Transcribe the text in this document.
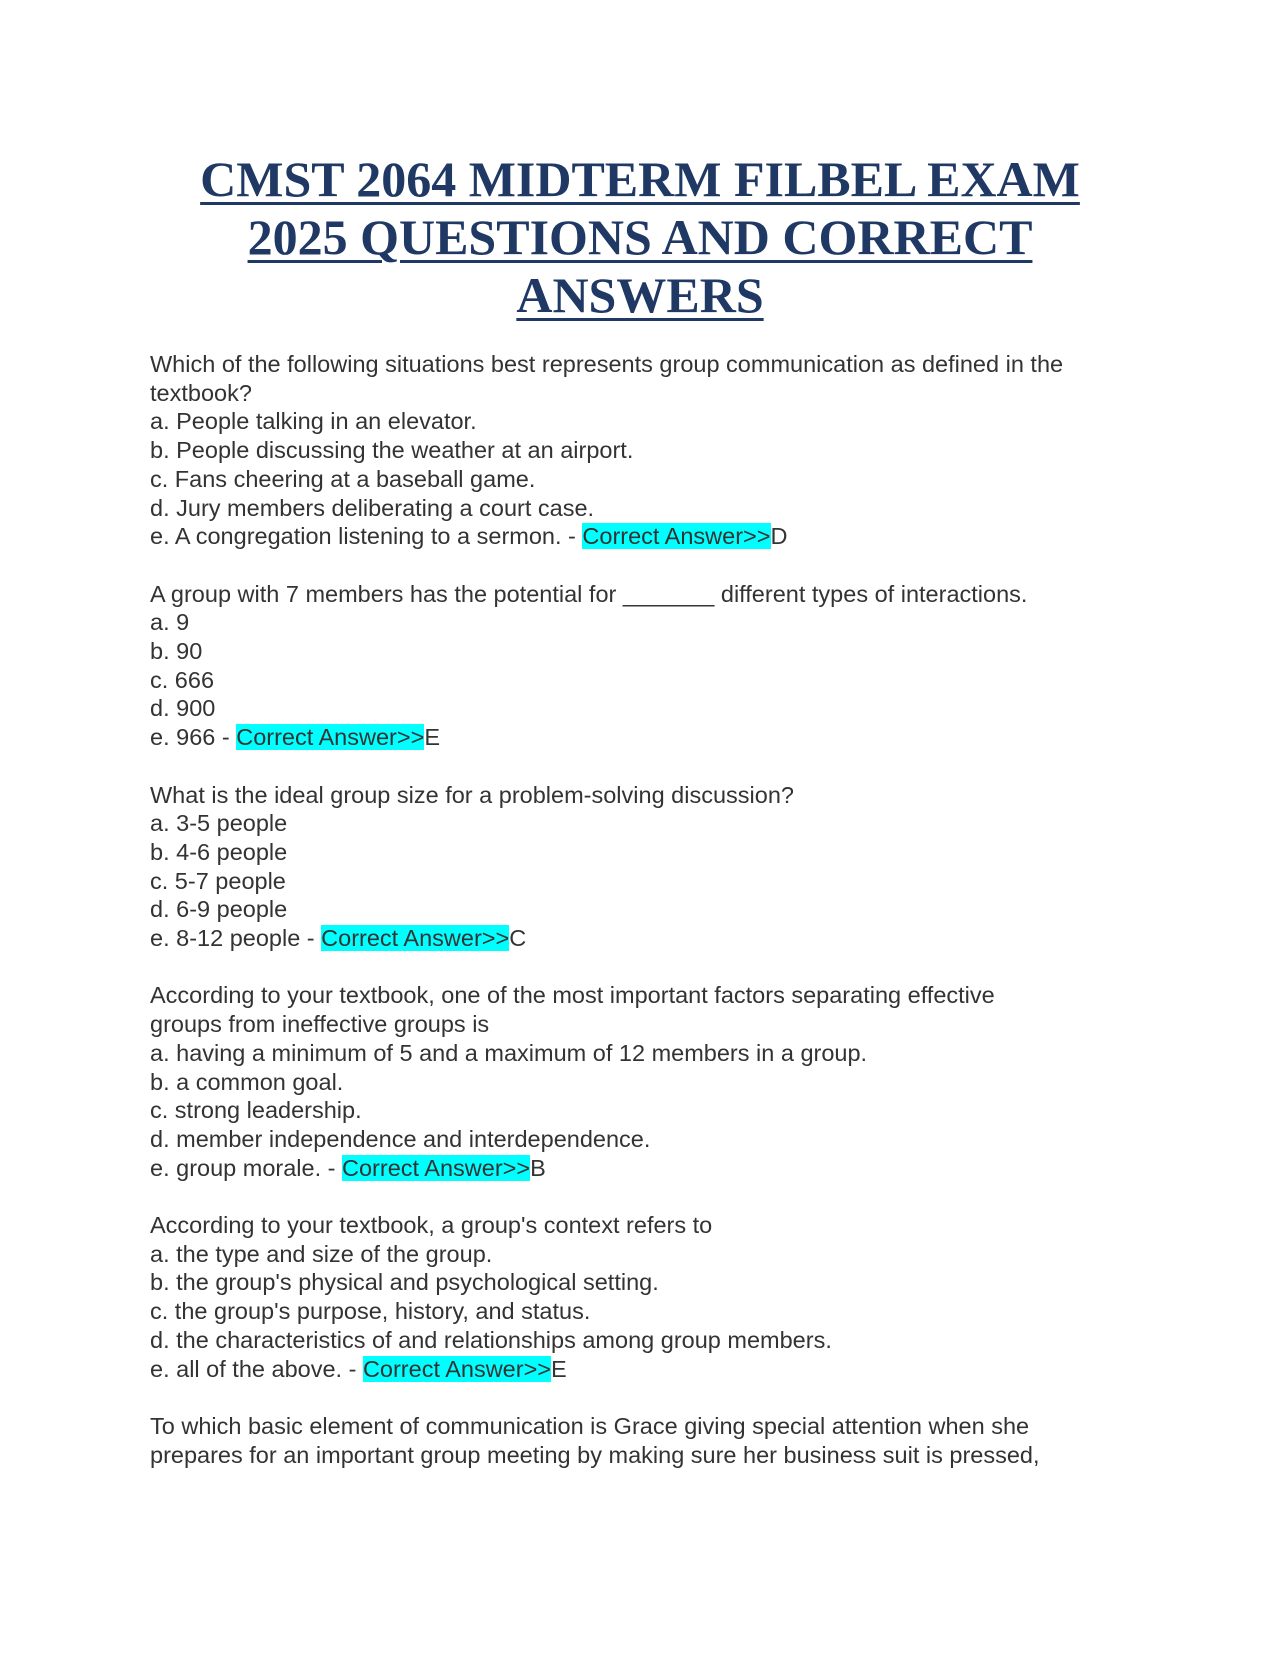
CMST 2064 MIDTERM FILBEL EXAM
2025 QUESTIONS AND CORRECT
ANSWERS
Which of the following situations best represents group communication as defined in the
textbook?
a. People talking in an elevator.
b. People discussing the weather at an airport.
c. Fans cheering at a baseball game.
d. Jury members deliberating a court case.
e. A congregation listening to a sermon. - Correct Answer>>D
A group with 7 members has the potential for _______ different types of interactions.
a. 9
b. 90
c. 666
d. 900
e. 966 - Correct Answer>>E
What is the ideal group size for a problem-solving discussion?
a. 3-5 people
b. 4-6 people
c. 5-7 people
d. 6-9 people
e. 8-12 people - Correct Answer>>C
According to your textbook, one of the most important factors separating effective
groups from ineffective groups is
a. having a minimum of 5 and a maximum of 12 members in a group.
b. a common goal.
c. strong leadership.
d. member independence and interdependence.
e. group morale. - Correct Answer>>B
According to your textbook, a group's context refers to
a. the type and size of the group.
b. the group's physical and psychological setting.
c. the group's purpose, history, and status.
d. the characteristics of and relationships among group members.
e. all of the above. - Correct Answer>>E
To which basic element of communication is Grace giving special attention when she
prepares for an important group meeting by making sure her business suit is pressed,
